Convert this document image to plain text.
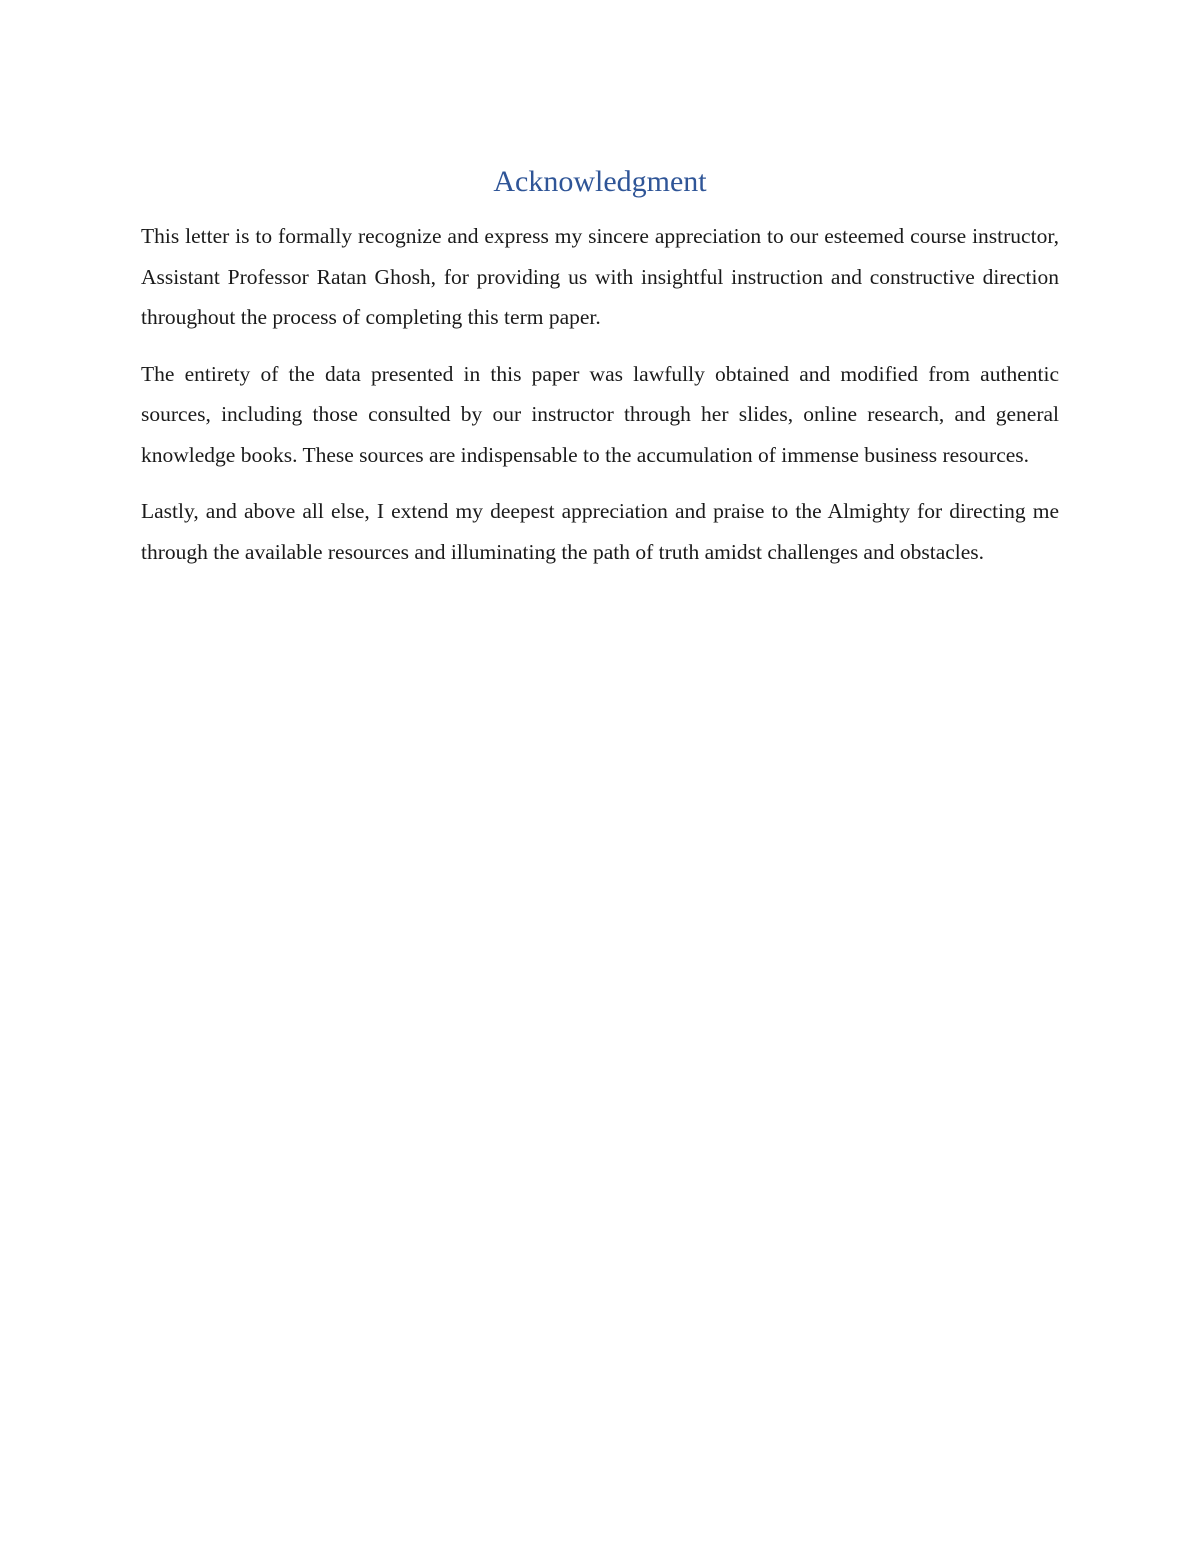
Acknowledgment

This letter is to formally recognize and express my sincere appreciation to our esteemed course instructor, Assistant Professor Ratan Ghosh, for providing us with insightful instruction and constructive direction throughout the process of completing this term paper.

The entirety of the data presented in this paper was lawfully obtained and modified from authentic sources, including those consulted by our instructor through her slides, online research, and general knowledge books. These sources are indispensable to the accumulation of immense business resources.

Lastly, and above all else, I extend my deepest appreciation and praise to the Almighty for directing me through the available resources and illuminating the path of truth amidst challenges and obstacles.
